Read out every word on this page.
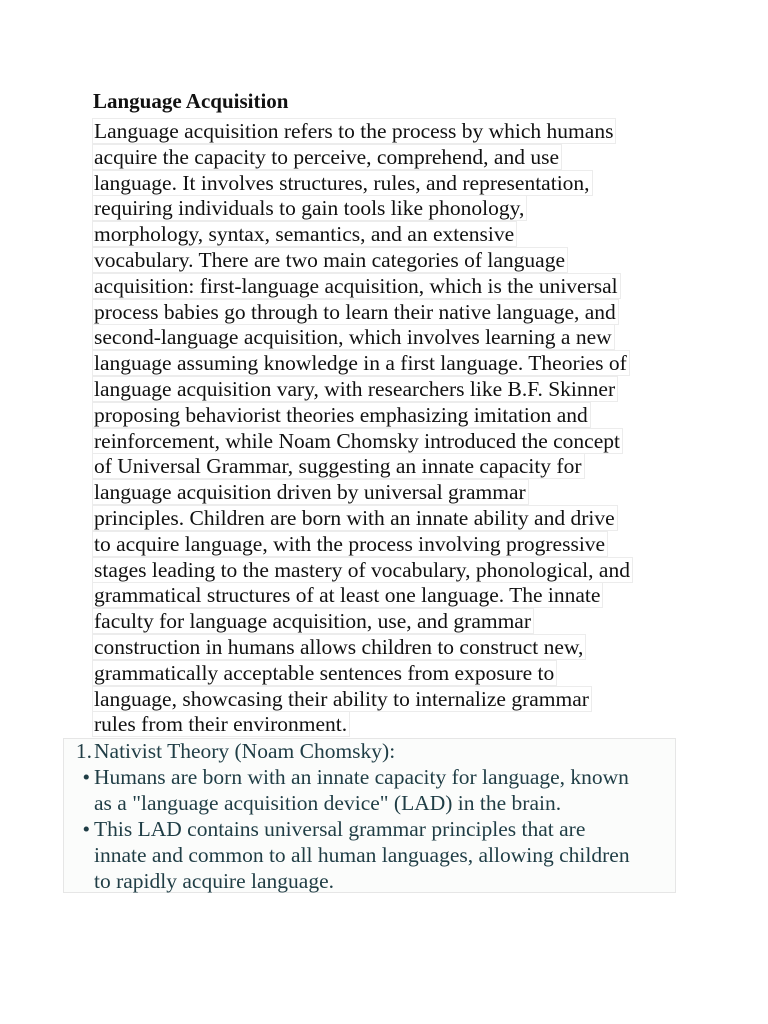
Language Acquisition
Language acquisition refers to the process by which humans
acquire the capacity to perceive, comprehend, and use
language. It involves structures, rules, and representation,
requiring individuals to gain tools like phonology,
morphology, syntax, semantics, and an extensive
vocabulary. There are two main categories of language
acquisition: first-language acquisition, which is the universal
process babies go through to learn their native language, and
second-language acquisition, which involves learning a new
language assuming knowledge in a first language. Theories of
language acquisition vary, with researchers like B.F. Skinner
proposing behaviorist theories emphasizing imitation and
reinforcement, while Noam Chomsky introduced the concept
of Universal Grammar, suggesting an innate capacity for
language acquisition driven by universal grammar
principles. Children are born with an innate ability and drive
to acquire language, with the process involving progressive
stages leading to the mastery of vocabulary, phonological, and
grammatical structures of at least one language. The innate
faculty for language acquisition, use, and grammar
construction in humans allows children to construct new,
grammatically acceptable sentences from exposure to
language, showcasing their ability to internalize grammar
rules from their environment.
1. Nativist Theory (Noam Chomsky):
• Humans are born with an innate capacity for language, known
as a "language acquisition device" (LAD) in the brain.
• This LAD contains universal grammar principles that are
innate and common to all human languages, allowing children
to rapidly acquire language.
